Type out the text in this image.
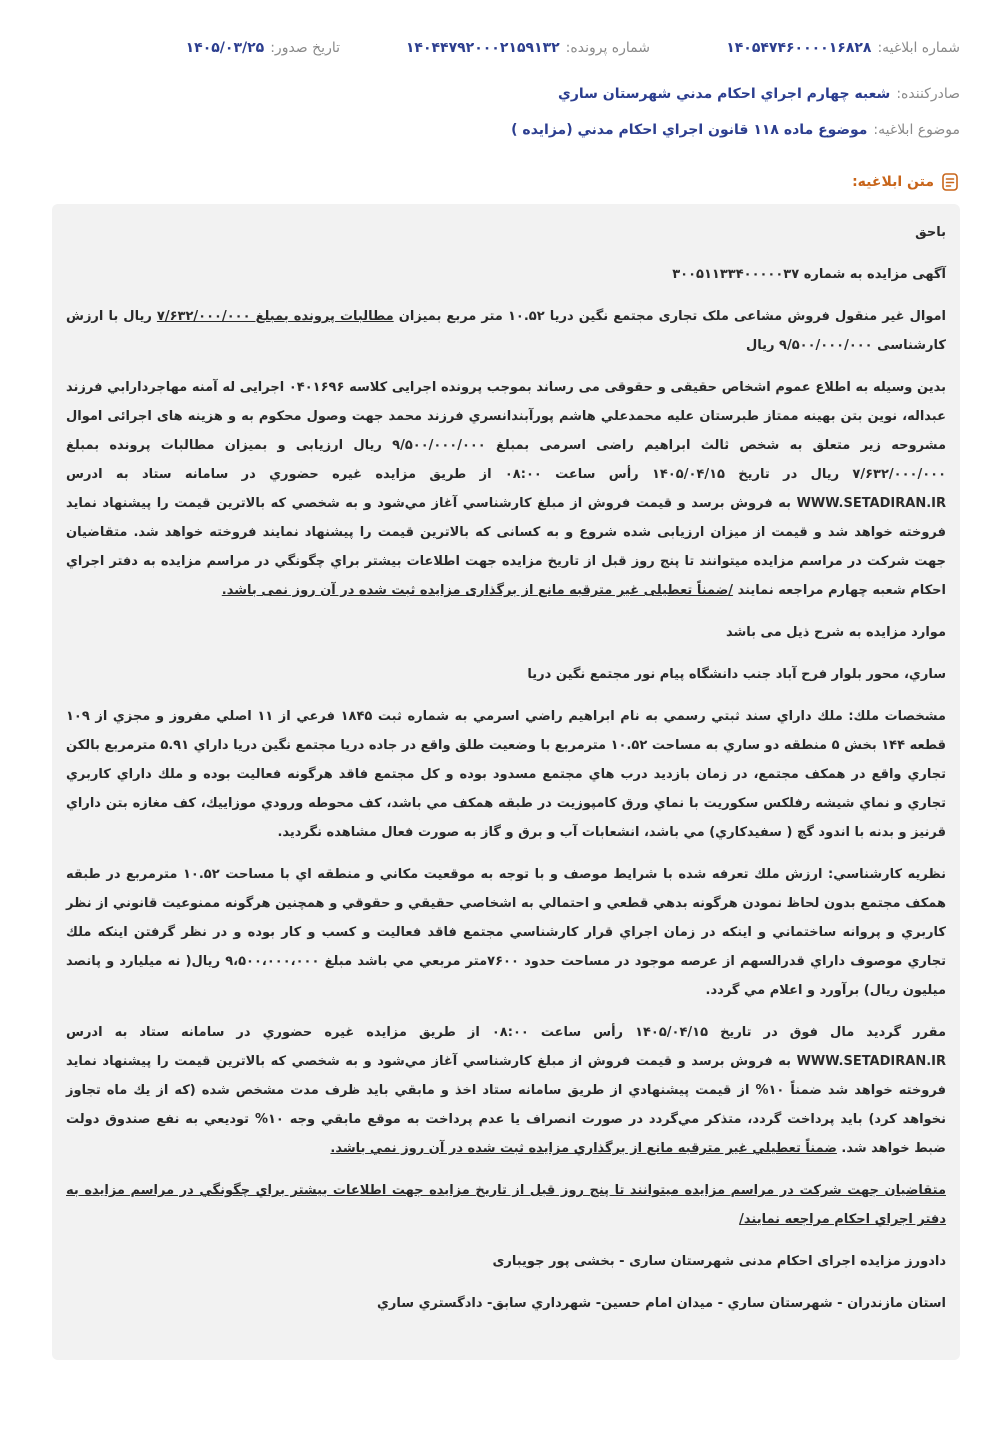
شماره ابلاغيه:
۱۴۰۵۴۷۴۶۰۰۰۰۱۶۸۲۸
شماره پرونده:
۱۴۰۴۴۷۹۲۰۰۰۲۱۵۹۱۳۲
تاریخ صدور:
۱۴۰۵/۰۳/۲۵
صادرکننده:
شعبه چهارم اجراي احكام مدني شهرستان ساري
موضوع ابلاغيه:
موضوع ماده ۱۱۸ قانون اجراي احکام مدني (مزايده )
متن ابلاغيه:

باحق

آگهی مزایده به شماره ۳۰۰۵۱۱۳۳۴۰۰۰۰۰۳۷

اموال غیر منقول فروش مشاعی ملک تجاری مجتمع نگین دریا ۱۰.۵۲ متر مربع بمیزان مطالبات پرونده بمبلغ ۷/۶۳۲/۰۰۰/۰۰۰ ریال با ارزش کارشناسی ۹/۵۰۰/۰۰۰/۰۰۰ ریال

بدین وسیله به اطلاع عموم اشخاص حقیقی و حقوقی می رساند بموجب پرونده اجرایی کلاسه ۰۴۰۱۶۹۶ اجرایی له آمنه مهاجردارابي فرزند عبداله، نوین بتن بهینه ممتاز طبرستان علیه محمدعلي هاشم پورآبندانسري فرزند محمد جهت وصول محکوم به و هزینه های اجرائی اموال مشروحه زیر متعلق به شخص ثالث ابراهیم راضی اسرمی بمبلغ ۹/۵۰۰/۰۰۰/۰۰۰ ریال ارزیابی و بمیزان مطالبات پرونده بمبلغ ۷/۶۳۲/۰۰۰/۰۰۰ ریال در تاریخ ۱۴۰۵/۰۴/۱۵ رأس ساعت ۰۸:۰۰ از طریق مزایده غیره حضوري در سامانه ستاد به ادرس WWW.SETADIRAN.IR به فروش برسد و قیمت فروش از مبلغ کارشناسي آغاز مي‌شود و به شخصي که بالاترین قیمت را پیشنهاد نماید فروخته خواهد شد و قیمت از میزان ارزیابی شده شروع و به کسانی که بالاترین قیمت را پیشنهاد نمایند فروخته خواهد شد. متقاضيان جهت شرکت در مراسم مزايده ميتوانند تا پنج روز قبل از تاريخ مزايده جهت اطلاعات بيشتر براي چگونگي در مراسم مزايده به دفتر اجراي احکام شعبه چهارم مراجعه نمايند /ضمناً تعطیلی غیر مترقبه مانع از برگذاری مزایده ثبت شده در آن روز نمی باشد.

موارد مزايده به شرح ذيل مى باشد

ساري، محور بلوار فرح آباد جنب دانشگاه پیام نور مجتمع نگین دريا

مشخصات ملك: ملك داراي سند ثبتي رسمي به نام ابراهيم راضي اسرمي به شماره ثبت ۱۸۴۵ فرعي از ۱۱ اصلي مفروز و مجزي از ۱۰۹ قطعه ۱۴۴ بخش ۵ منطقه دو ساري به مساحت ۱۰.۵۲ مترمربع با وضعيت طلق واقع در جاده دريا مجتمع نگين دريا داراي ۵.۹۱ مترمربع بالكن تجاري واقع در همكف مجتمع، در زمان بازديد درب هاي مجتمع مسدود بوده و كل مجتمع فاقد هرگونه فعاليت بوده و ملك داراي كاربري تجاري و نماي شيشه رفلكس سكوريت با نماي ورق كامپوزيت در طبقه همكف مي باشد، كف محوطه ورودي موزاييك، كف مغازه بتن داراي قرنيز و بدنه با اندود گچ ( سفيدكاري) مي باشد، انشعابات آب و برق و گاز به صورت فعال مشاهده نگرديد.

نظريه كارشناسي: ارزش ملك تعرفه شده با شرايط موصف و با توجه به موقعيت مكاني و منطقه اي با مساحت ۱۰.۵۲ مترمربع در طبقه همكف مجتمع بدون لحاظ نمودن هرگونه بدهي قطعي و احتمالي به اشخاصي حقيقي و حقوقي و همچنين هرگونه ممنوعيت قانوني از نظر كاربري و پروانه ساختماني و اينكه در زمان اجراي قرار كارشناسي مجتمع فاقد فعاليت و كسب و كار بوده و در نظر گرفتن اينكه ملك تجاري موصوف داراي قدرالسهم از عرصه موجود در مساحت حدود ۷۶۰۰متر مربعي مي باشد مبلغ ۹،۵۰۰،۰۰۰،۰۰۰ ريال( نه ميليارد و پانصد ميليون ريال) برآورد و اعلام مي گردد.

مقرر گرديد مال فوق در تاريخ ۱۴۰۵/۰۴/۱۵ رأس ساعت ۰۸:۰۰ از طريق مزايده غيره حضوري در سامانه ستاد به ادرس WWW.SETADIRAN.IR به فروش برسد و قيمت فروش از مبلغ كارشناسي آغاز مي‌شود و به شخصي كه بالاترين قيمت را پيشنهاد نمايد فروخته خواهد شد ضمناً ۱۰% از قيمت پيشنهادي از طريق سامانه ستاد اخذ و مابقي بايد ظرف مدت مشخص شده (كه از يك ماه تجاوز نخواهد كرد) بايد پرداخت گردد، متذكر مي‌گردد در صورت انصراف يا عدم پرداخت به موقع مابقي وجه ۱۰% توديعي به نفع صندوق دولت ضبط خواهد شد. ضمناً تعطيلي غير مترقبه مانع از برگذاري مزايده ثبت شده در آن روز نمي باشد.

متقاضيان جهت شرکت در مراسم مزايده ميتوانند تا پنج روز قبل از تاريخ مزايده جهت اطلاعات بيشتر براي چگونگي در مراسم مزايده به دفتر اجراي احکام مراجعه نمايند/

دادورز مزایده اجرای احکام مدنی شهرستان ساری - بخشی پور جویباری

استان مازندران - شهرستان ساري - ميدان امام حسين- شهرداري سابق- دادگستري ساري
